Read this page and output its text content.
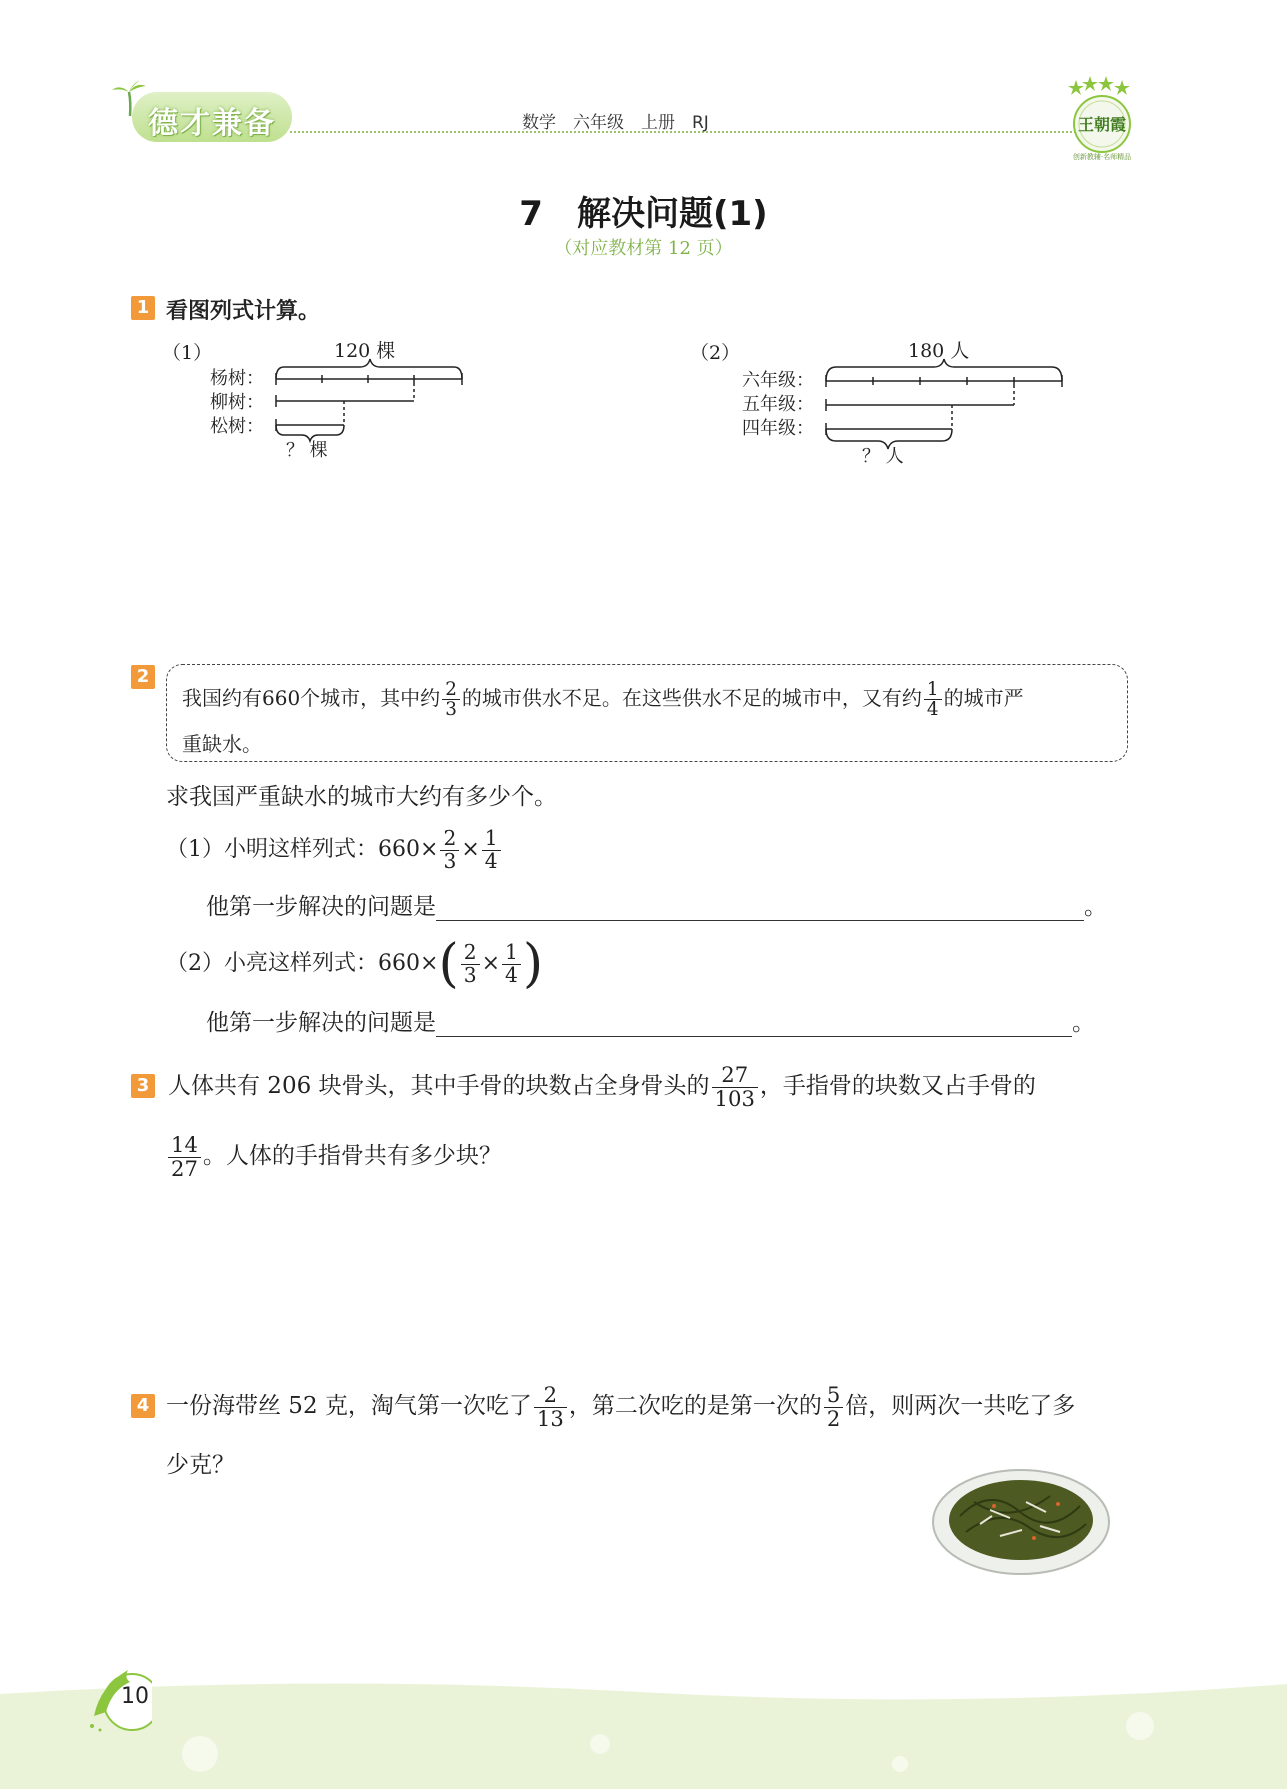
德才兼备	数学　六年级　上册　RJ	王朝霞
创新教辅·名师精品
7　解决问题(1)
（对应教材第 12 页）
1 看图列式计算。
（1）	120 棵
杨树：
柳树：
松树：
？ 棵
（2）	180 人
六年级：
五年级：
四年级：
？ 人
2
我国约有660个城市，其中约 $\frac{2}{3}$ 的城市供水不足。在这些供水不足的城市中，又有约 $\frac{1}{4}$ 的城市严
重缺水。
求我国严重缺水的城市大约有多少个。
（1）小明这样列式：$660\times \frac{2}{3} \times \frac{1}{4}$
他第一步解决的问题是	。
（2）小亮这样列式：$660\times( \frac{2}{3} \times \frac{1}{4}$ )
他第一步解决的问题是	。
3 人体共有 206 块骨头，其中手骨的块数占全身骨头的 $\frac{27}{103}$ ，手指骨的块数又占手骨的
$\frac{14}{27}$ 。人体的手指骨共有多少块？
4 一份海带丝 52 克，淘气第一次吃了 $\frac{2}{13}$ ，第二次吃的是第一次的 $\frac{5}{2}$ 倍，则两次一共吃了多
少克？
10
